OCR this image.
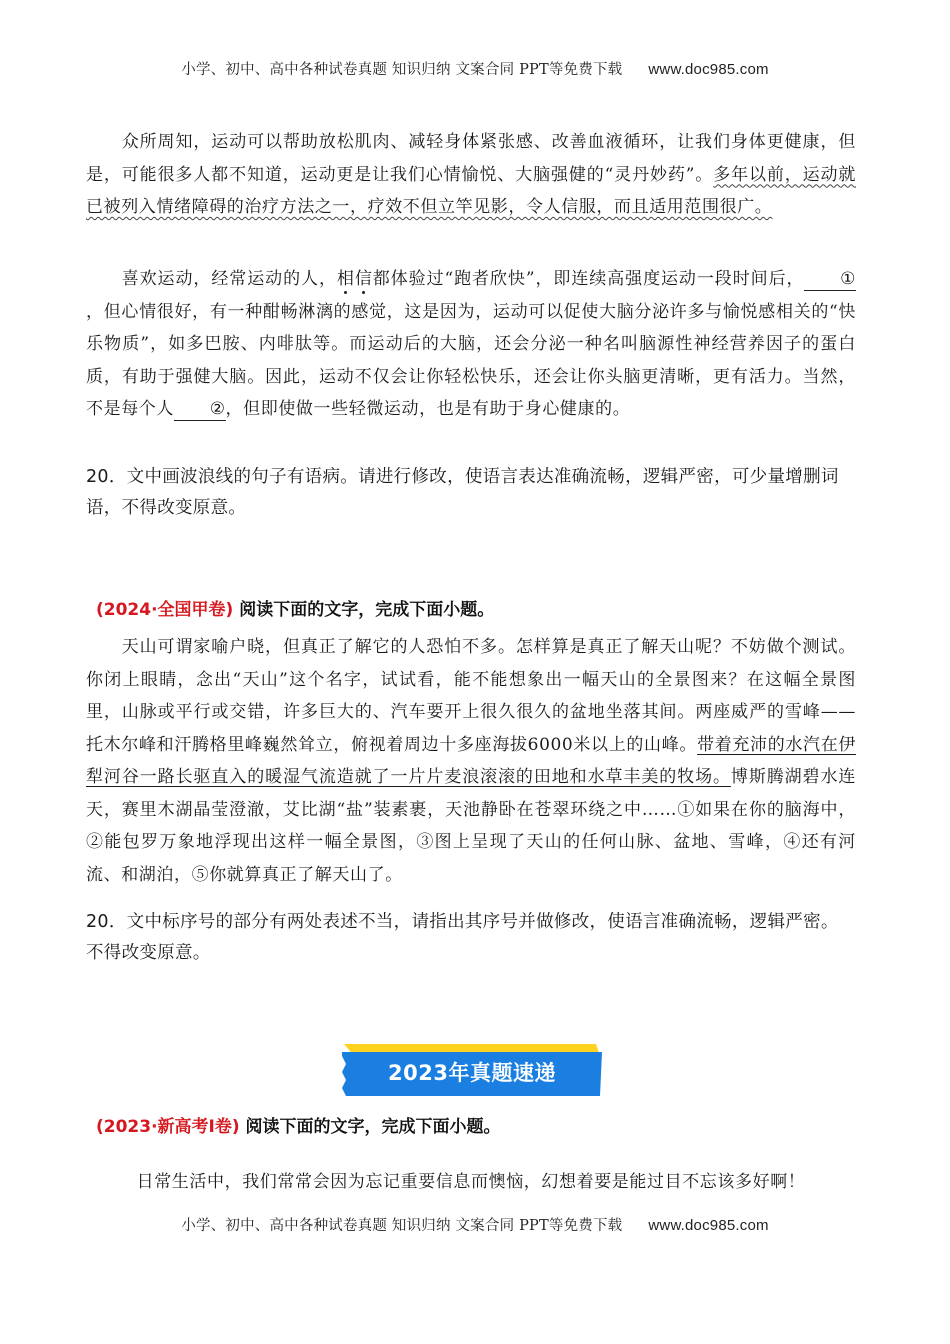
小学、初中、高中各种试卷真题 知识归纳 文案合同 PPT等免费下载 www.doc985.com

众所周知，运动可以帮助放松肌肉、减轻身体紧张感、改善血液循环，让我们身体更健康，但是，可能很多人都不知道，运动更是让我们心情愉悦、大脑强健的“灵丹妙药”。多年以前，运动就已被列入情绪障碍的治疗方法之一，疗效不但立竿见影，令人信服，而且适用范围很广。

喜欢运动，经常运动的人，相信都体验过“跑者欣快”，即连续高强度运动一段时间后， ①，但心情很好，有一种酣畅淋漓的感觉，这是因为，运动可以促使大脑分泌许多与愉悦感相关的“快乐物质”，如多巴胺、内啡肽等。而运动后的大脑，还会分泌一种名叫脑源性神经营养因子的蛋白质，有助于强健大脑。因此，运动不仅会让你轻松快乐，还会让你头脑更清晰，更有活力。当然，不是每个人 ②，但即使做一些轻微运动，也是有助于身心健康的。

20．文中画波浪线的句子有语病。请进行修改，使语言表达准确流畅，逻辑严密，可少量增删词语，不得改变原意。

(2024·全国甲卷) 阅读下面的文字，完成下面小题。

天山可谓家喻户晓，但真正了解它的人恐怕不多。怎样算是真正了解天山呢？不妨做个测试。你闭上眼睛，念出“天山”这个名字，试试看，能不能想象出一幅天山的全景图来？在这幅全景图里，山脉或平行或交错，许多巨大的、汽车要开上很久很久的盆地坐落其间。两座威严的雪峰——托木尔峰和汗腾格里峰巍然耸立，俯视着周边十多座海拔6000米以上的山峰。带着充沛的水汽在伊犁河谷一路长驱直入的暖湿气流造就了一片片麦浪滚滚的田地和水草丰美的牧场。博斯腾湖碧水连天，赛里木湖晶莹澄澈，艾比湖“盐”装素裹，天池静卧在苍翠环绕之中……①如果在你的脑海中，②能包罗万象地浮现出这样一幅全景图，③图上呈现了天山的任何山脉、盆地、雪峰，④还有河流、和湖泊，⑤你就算真正了解天山了。

20．文中标序号的部分有两处表述不当，请指出其序号并做修改，使语言准确流畅，逻辑严密。不得改变原意。

2023年真题速递

(2023·新高考Ⅰ卷) 阅读下面的文字，完成下面小题。

日常生活中，我们常常会因为忘记重要信息而懊恼，幻想着要是能过目不忘该多好啊！

小学、初中、高中各种试卷真题 知识归纳 文案合同 PPT等免费下载 www.doc985.com
